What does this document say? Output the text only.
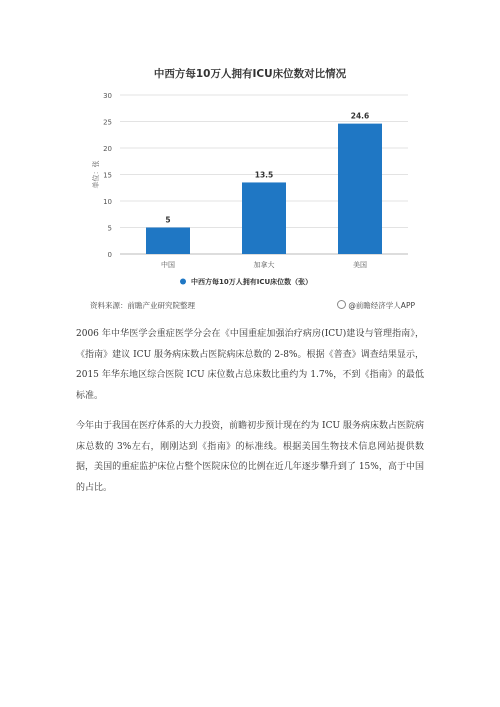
0
5
10
15
20
25
30
单位：张
5
中国
13.5
加拿大
24.6
美国
中西方每10万人拥有ICU床位数（张）
中西方每10万人拥有ICU床位数对比情况
资料来源：前瞻产业研究院整理	@前瞻经济学人APP

2006 年中华医学会重症医学分会在《中国重症加强治疗病房(ICU)建设与管理指南》，《指南》建议 ICU 服务病床数占医院病床总数的 2-8%。根据《普查》调查结果显示，2015 年华东地区综合医院 ICU 床位数占总床数比重约为 1.7%，不到《指南》的最低标准。

今年由于我国在医疗体系的大力投资，前瞻初步预计现在约为 ICU 服务病床数占医院病床总数的 3%左右，刚刚达到《指南》的标准线。根据美国生物技术信息网站提供数据，美国的重症监护床位占整个医院床位的比例在近几年逐步攀升到了 15%，高于中国的占比。
